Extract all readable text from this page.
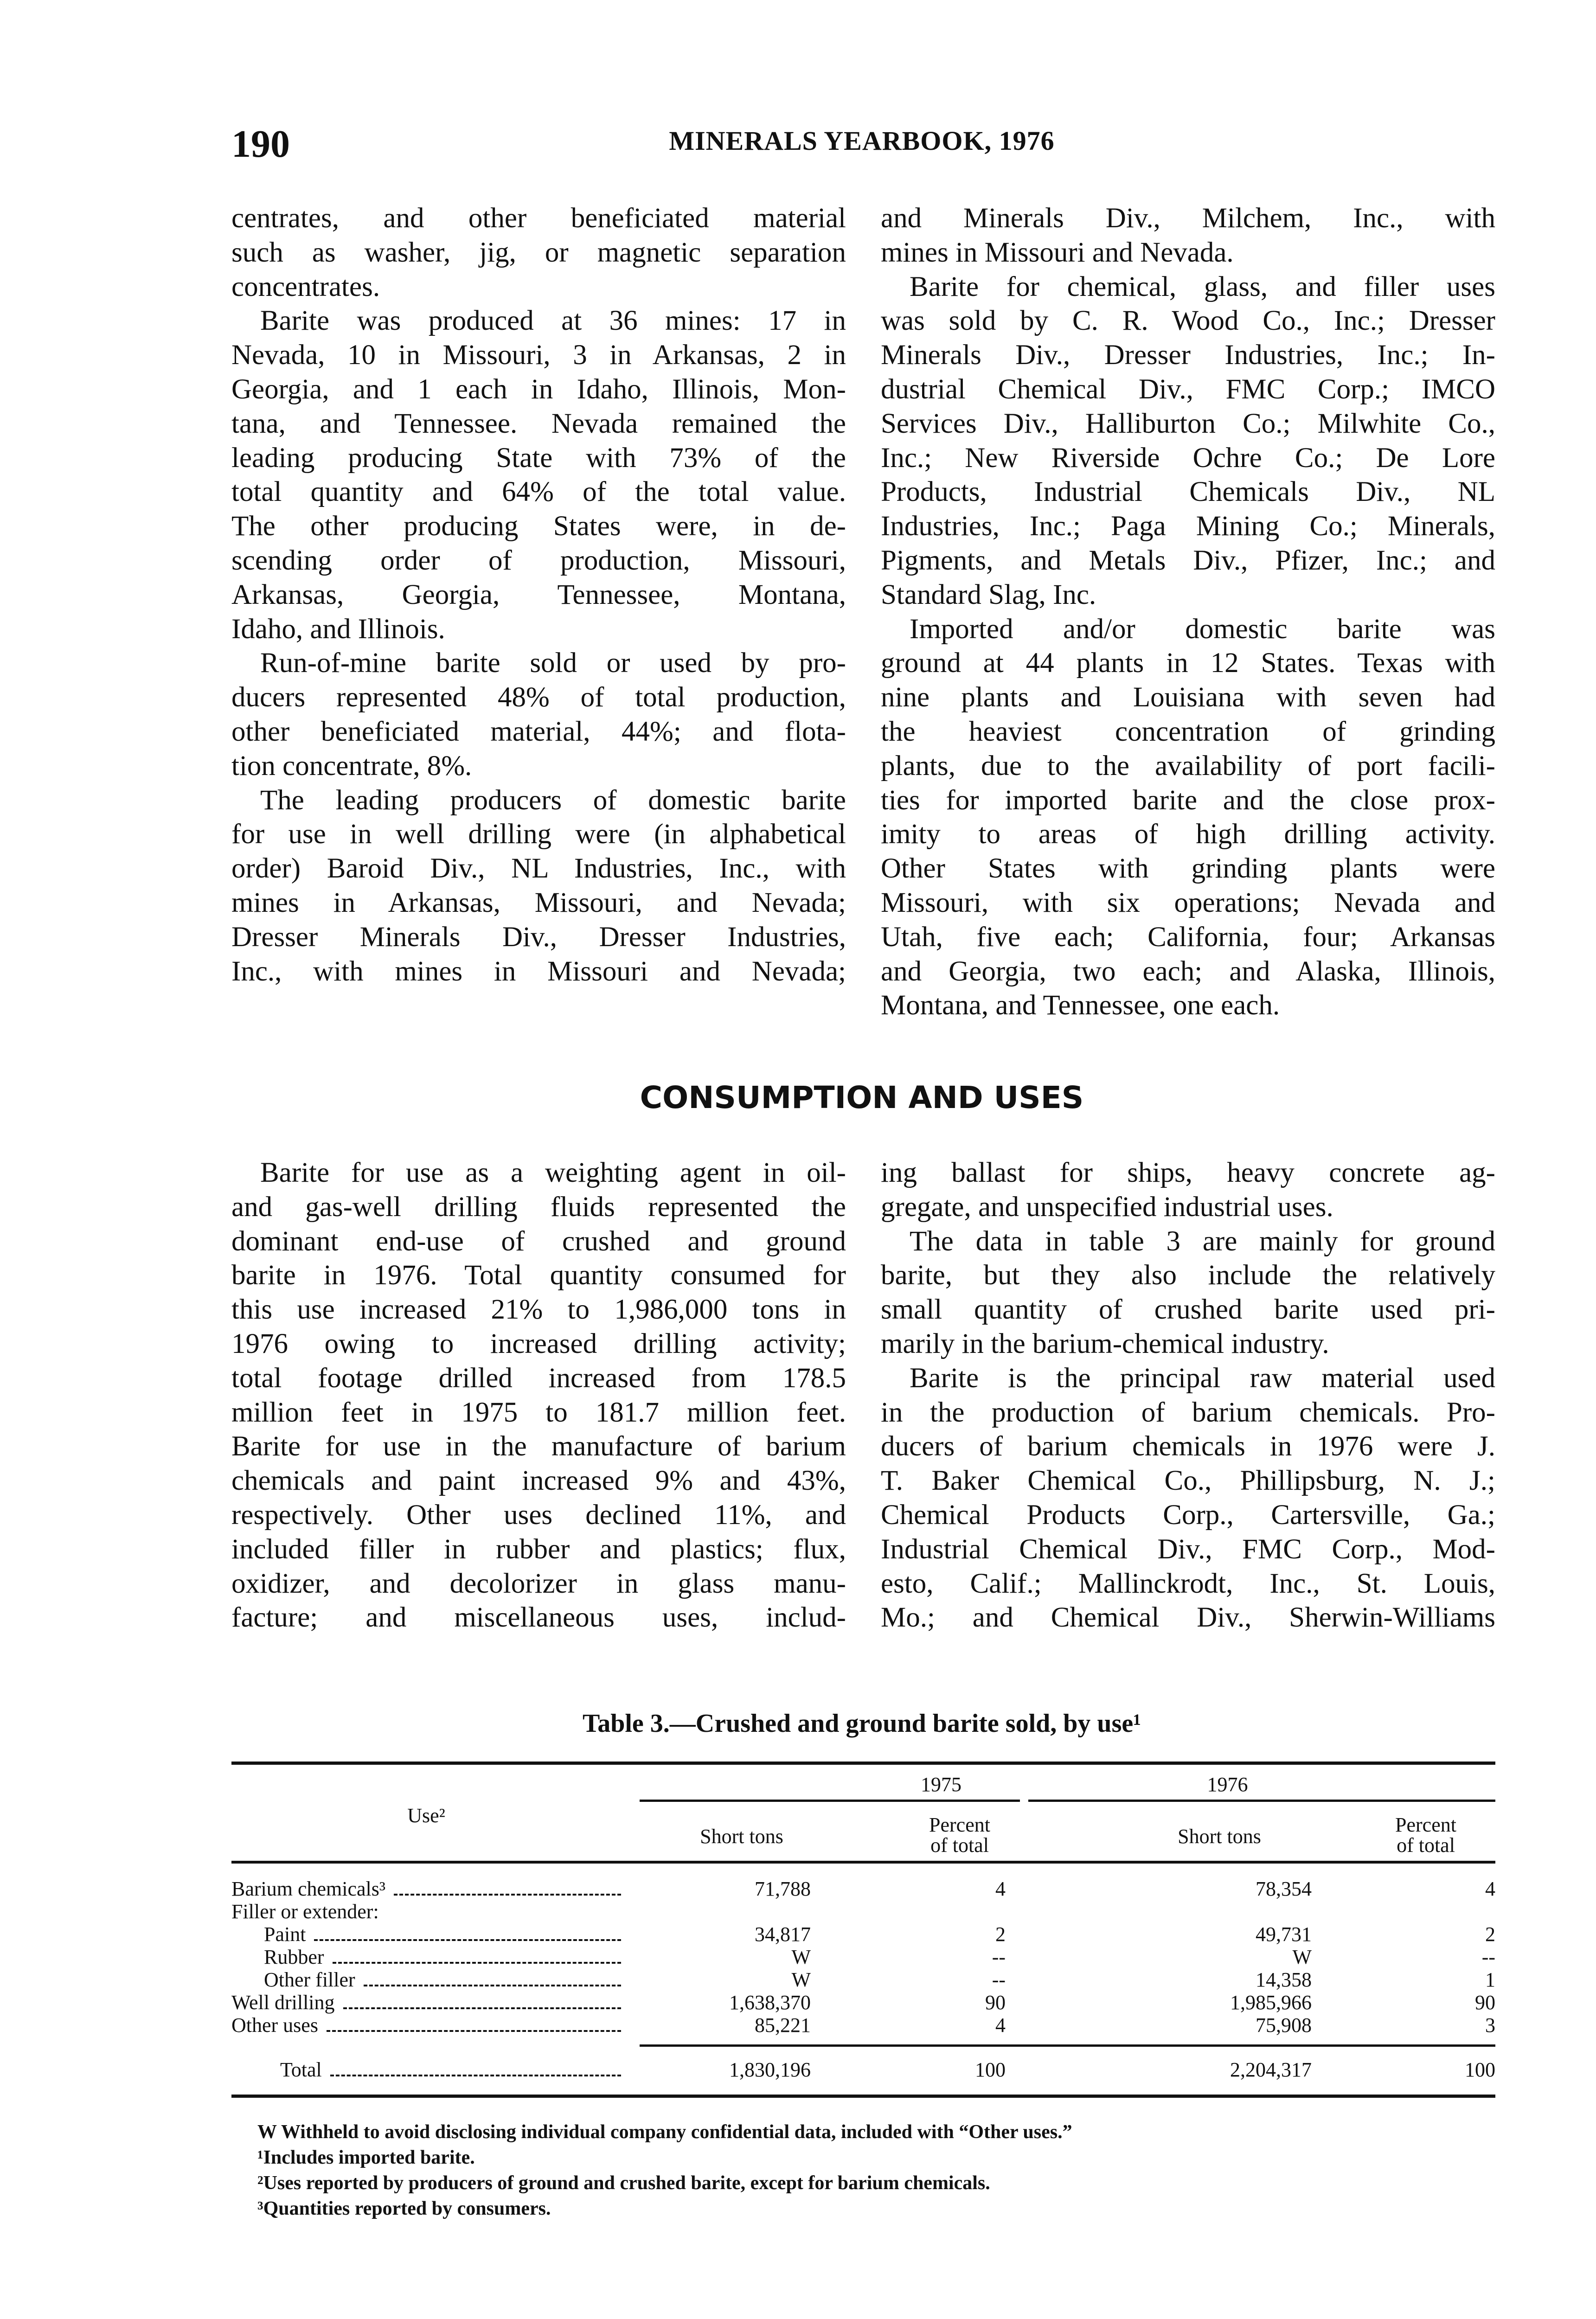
190	MINERALS YEARBOOK, 1976
centrates, and other beneficiated material
such as washer, jig, or magnetic separation
concentrates.
Barite was produced at 36 mines: 17 in
Nevada, 10 in Missouri, 3 in Arkansas, 2 in
Georgia, and 1 each in Idaho, Illinois, Mon-
tana, and Tennessee. Nevada remained the
leading producing State with 73% of the
total quantity and 64% of the total value.
The other producing States were, in de-
scending order of production, Missouri,
Arkansas, Georgia, Tennessee, Montana,
Idaho, and Illinois.
Run-of-mine barite sold or used by pro-
ducers represented 48% of total production,
other beneficiated material, 44%; and flota-
tion concentrate, 8%.
The leading producers of domestic barite
for use in well drilling were (in alphabetical
order) Baroid Div., NL Industries, Inc., with
mines in Arkansas, Missouri, and Nevada;
Dresser Minerals Div., Dresser Industries,
Inc., with mines in Missouri and Nevada;
and Minerals Div., Milchem, Inc., with
mines in Missouri and Nevada.
Barite for chemical, glass, and filler uses
was sold by C. R. Wood Co., Inc.; Dresser
Minerals Div., Dresser Industries, Inc.; In-
dustrial Chemical Div., FMC Corp.; IMCO
Services Div., Halliburton Co.; Milwhite Co.,
Inc.; New Riverside Ochre Co.; De Lore
Products, Industrial Chemicals Div., NL
Industries, Inc.; Paga Mining Co.; Minerals,
Pigments, and Metals Div., Pfizer, Inc.; and
Standard Slag, Inc.
Imported and/or domestic barite was
ground at 44 plants in 12 States. Texas with
nine plants and Louisiana with seven had
the heaviest concentration of grinding
plants, due to the availability of port facili-
ties for imported barite and the close prox-
imity to areas of high drilling activity.
Other States with grinding plants were
Missouri, with six operations; Nevada and
Utah, five each; California, four; Arkansas
and Georgia, two each; and Alaska, Illinois,
Montana, and Tennessee, one each.
CONSUMPTION AND USES
Barite for use as a weighting agent in oil-
and gas-well drilling fluids represented the
dominant end-use of crushed and ground
barite in 1976. Total quantity consumed for
this use increased 21% to 1,986,000 tons in
1976 owing to increased drilling activity;
total footage drilled increased from 178.5
million feet in 1975 to 181.7 million feet.
Barite for use in the manufacture of barium
chemicals and paint increased 9% and 43%,
respectively. Other uses declined 11%, and
included filler in rubber and plastics; flux,
oxidizer, and decolorizer in glass manu-
facture; and miscellaneous uses, includ-
ing ballast for ships, heavy concrete ag-
gregate, and unspecified industrial uses.
The data in table 3 are mainly for ground
barite, but they also include the relatively
small quantity of crushed barite used pri-
marily in the barium-chemical industry.
Barite is the principal raw material used
in the production of barium chemicals. Pro-
ducers of barium chemicals in 1976 were J.
T. Baker Chemical Co., Phillipsburg, N. J.;
Chemical Products Corp., Cartersville, Ga.;
Industrial Chemical Div., FMC Corp., Mod-
esto, Calif.; Mallinckrodt, Inc., St. Louis,
Mo.; and Chemical Div., Sherwin-Williams
Table 3.—Crushed and ground barite sold, by use¹
Use²
1975	1976
Short tons
Percent
of total	Short tons
Percent
of total
Barium chemicals³	71,788	4	78,354	4
Filler or extender:
Paint	34,817	2	49,731	2
Rubber	W	--	W	--
Other filler	W	--	14,358	1
Well drilling	1,638,370	90	1,985,966	90
Other uses	85,221	4	75,908	3
Total	1,830,196	100	2,204,317	100
W Withheld to avoid disclosing individual company confidential data, included with “Other uses.”
¹Includes imported barite.
²Uses reported by producers of ground and crushed barite, except for barium chemicals.
³Quantities reported by consumers.
